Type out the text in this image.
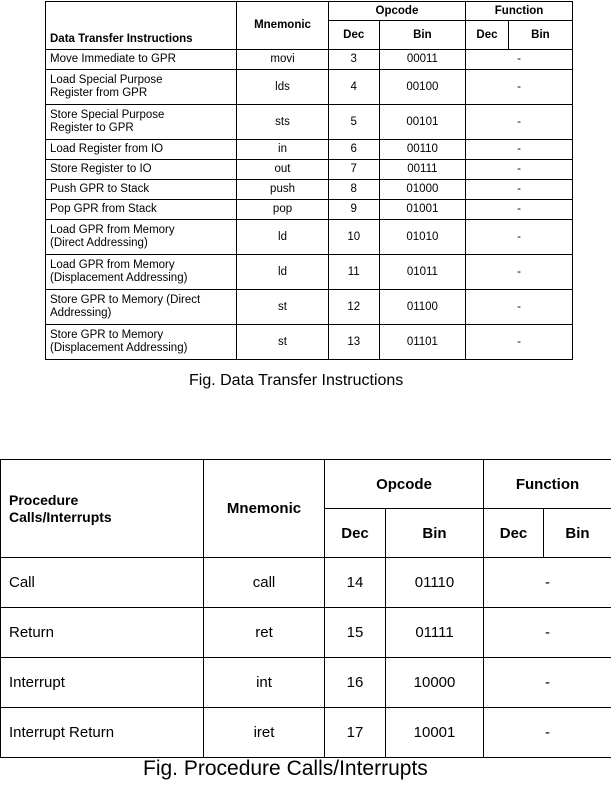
Data Transfer Instructions	Mnemonic	Opcode		Function	
		Dec	Bin	Dec	Bin

Move Immediate to GPR	movi	3	00011	-	

Load Special Purpose
Register from GPR	lds	4	00100	-	

Store Special Purpose
Register to GPR	sts	5	00101	-	

Load Register from IO	in	6	00110	-	

Store Register to IO	out	7	00111	-	

Push GPR to Stack	push	8	01000	-	

Pop GPR from Stack	pop	9	01001	-	

Load GPR from Memory
(Direct Addressing)	ld	10	01010	-	

Load GPR from Memory
(Displacement Addressing)	ld	11	01011	-	

Store GPR to Memory (Direct
Addressing)	st	12	01100	-	

Store GPR to Memory
(Displacement Addressing)	st	13	01101	-	
Fig. Data Transfer Instructions
Procedure
Calls/Interrupts	Mnemonic	Opcode		Function	
		Dec	Bin	Dec	Bin
Call	call	14	01110	-	
Return	ret	15	01111	-	
Interrupt	int	16	10000	-	
Interrupt Return	iret	17	10001	-	
Fig. Procedure Calls/Interrupts
